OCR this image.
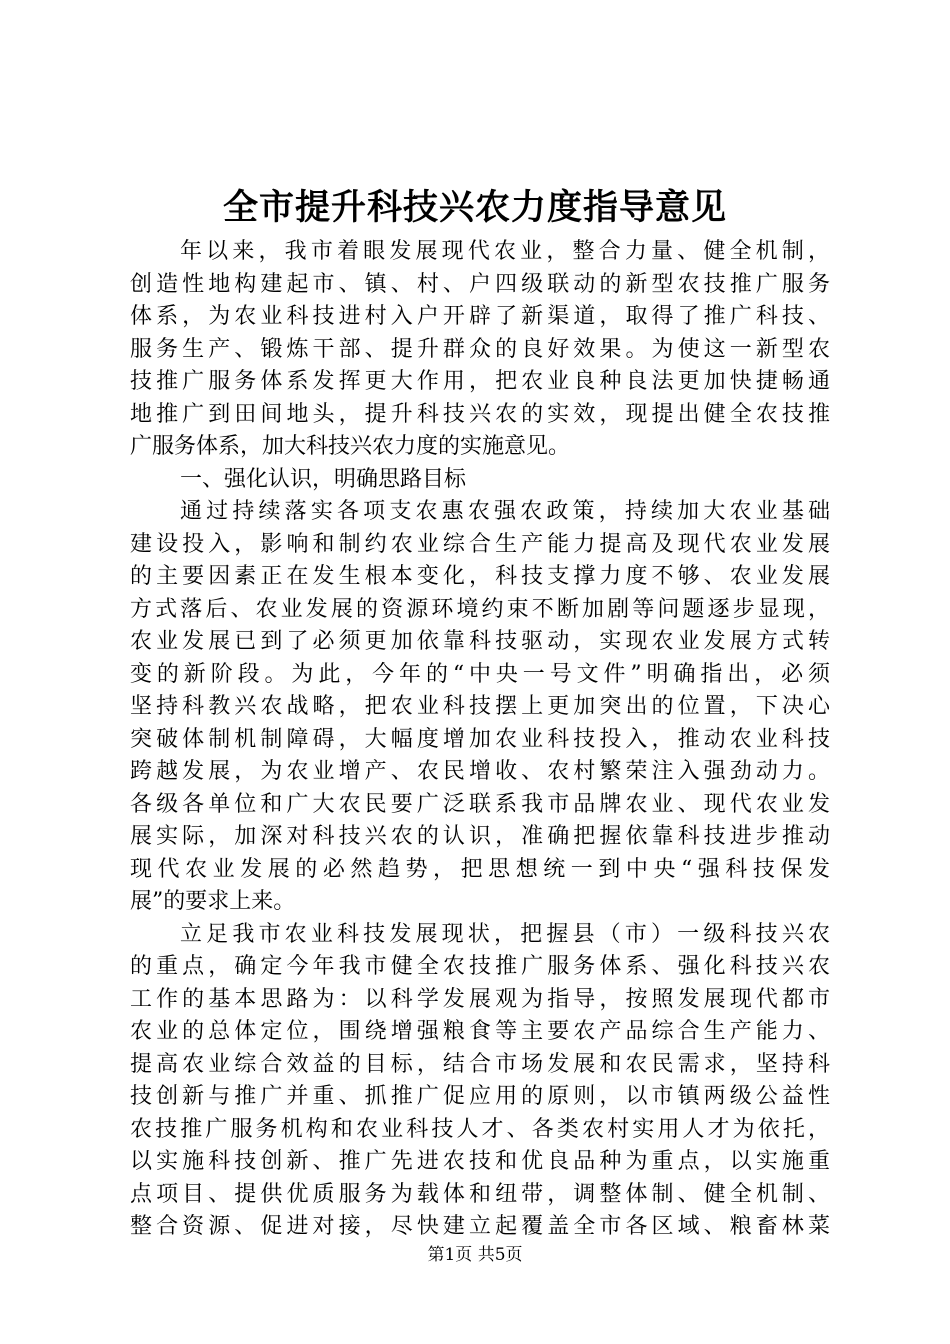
全市提升科技兴农力度指导意见
年以来，我市着眼发展现代农业，整合力量、健全机制，
创造性地构建起市、镇、村、户四级联动的新型农技推广服务
体系，为农业科技进村入户开辟了新渠道，取得了推广科技、
服务生产、锻炼干部、提升群众的良好效果。为使这一新型农
技推广服务体系发挥更大作用，把农业良种良法更加快捷畅通
地推广到田间地头，提升科技兴农的实效，现提出健全农技推
广服务体系，加大科技兴农力度的实施意见。
一、强化认识，明确思路目标
通过持续落实各项支农惠农强农政策，持续加大农业基础
建设投入，影响和制约农业综合生产能力提高及现代农业发展
的主要因素正在发生根本变化，科技支撑力度不够、农业发展
方式落后、农业发展的资源环境约束不断加剧等问题逐步显现，
农业发展已到了必须更加依靠科技驱动，实现农业发展方式转
变的新阶段。为此，今年的“中央一号文件”明确指出，必须
坚持科教兴农战略，把农业科技摆上更加突出的位置，下决心
突破体制机制障碍，大幅度增加农业科技投入，推动农业科技
跨越发展，为农业增产、农民增收、农村繁荣注入强劲动力。
各级各单位和广大农民要广泛联系我市品牌农业、现代农业发
展实际，加深对科技兴农的认识，准确把握依靠科技进步推动
现代农业发展的必然趋势，把思想统一到中央“强科技保发
展”的要求上来。
立足我市农业科技发展现状，把握县（市）一级科技兴农
的重点，确定今年我市健全农技推广服务体系、强化科技兴农
工作的基本思路为：以科学发展观为指导，按照发展现代都市
农业的总体定位，围绕增强粮食等主要农产品综合生产能力、
提高农业综合效益的目标，结合市场发展和农民需求，坚持科
技创新与推广并重、抓推广促应用的原则，以市镇两级公益性
农技推广服务机构和农业科技人才、各类农村实用人才为依托，
以实施科技创新、推广先进农技和优良品种为重点，以实施重
点项目、提供优质服务为载体和纽带，调整体制、健全机制、
整合资源、促进对接，尽快建立起覆盖全市各区域、粮畜林菜
第1页 共5页
